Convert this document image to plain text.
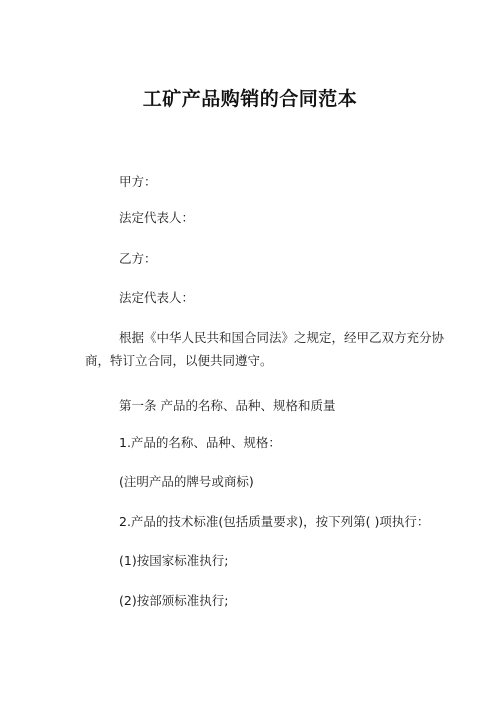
工矿产品购销的合同范本
甲方：
法定代表人：
乙方：
法定代表人：
根据《中华人民共和国合同法》之规定，经甲乙双方充分协
商，特订立合同，以便共同遵守。
第一条 产品的名称、品种、规格和质量
1.产品的名称、品种、规格：
(注明产品的牌号或商标)
2.产品的技术标准(包括质量要求)，按下列第( )项执行：
(1)按国家标准执行;
(2)按部颁标准执行;
